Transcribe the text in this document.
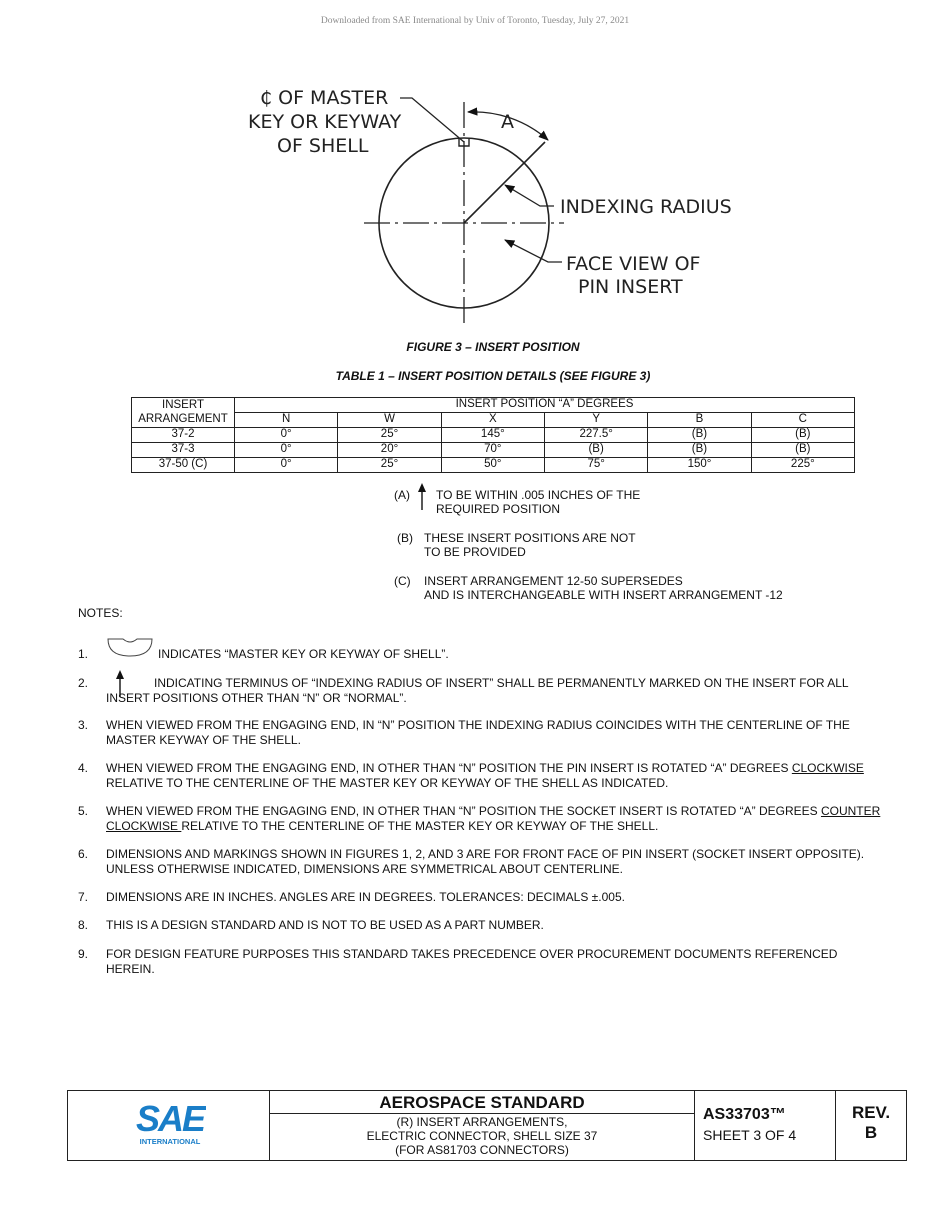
Downloaded from SAE International by Univ of Toronto, Tuesday, July 27, 2021
₵ OF MASTER
KEY OR KEYWAY
OF SHELL
A
INDEXING RADIUS
FACE VIEW OF
PIN INSERT
FIGURE 3 – INSERT POSITION
TABLE 1 – INSERT POSITION DETAILS (SEE FIGURE 3)
INSERT	INSERT POSITION “A” DEGREES					
ARRANGEMENT	N	W	X	Y	B	C
37-2	0°	25°	145°	227.5°	(B)	(B)
37-3	0°	20°	70°	(B)	(B)	(B)
37-50 (C)	0°	25°	50°	75°	150°	225°
(A) TO BE WITHIN .005 INCHES OF THE
REQUIRED POSITION
(B) THESE INSERT POSITIONS ARE NOT
TO BE PROVIDED
(C) INSERT ARRANGEMENT 12-50 SUPERSEDES
AND IS INTERCHANGEABLE WITH INSERT ARRANGEMENT -12
NOTES:
1.	INDICATES “MASTER KEY OR KEYWAY OF SHELL”.
2.	INDICATING TERMINUS OF “INDEXING RADIUS OF INSERT” SHALL BE PERMANENTLY MARKED ON THE INSERT FOR ALL INSERT POSITIONS OTHER THAN “N” OR “NORMAL”.
3. WHEN VIEWED FROM THE ENGAGING END, IN “N” POSITION THE INDEXING RADIUS COINCIDES WITH THE CENTERLINE OF THE MASTER KEYWAY OF THE SHELL.
4. WHEN VIEWED FROM THE ENGAGING END, IN OTHER THAN “N” POSITION THE PIN INSERT IS ROTATED “A” DEGREES CLOCKWISE RELATIVE TO THE CENTERLINE OF THE MASTER KEY OR KEYWAY OF THE SHELL AS INDICATED.
5. WHEN VIEWED FROM THE ENGAGING END, IN OTHER THAN “N” POSITION THE SOCKET INSERT IS ROTATED “A” DEGREES COUNTER CLOCKWISE RELATIVE TO THE CENTERLINE OF THE MASTER KEY OR KEYWAY OF THE SHELL.
6. DIMENSIONS AND MARKINGS SHOWN IN FIGURES 1, 2, AND 3 ARE FOR FRONT FACE OF PIN INSERT (SOCKET INSERT OPPOSITE). UNLESS OTHERWISE INDICATED, DIMENSIONS ARE SYMMETRICAL ABOUT CENTERLINE.
7. DIMENSIONS ARE IN INCHES. ANGLES ARE IN DEGREES. TOLERANCES: DECIMALS ±.005.
8. THIS IS A DESIGN STANDARD AND IS NOT TO BE USED AS A PART NUMBER.
9. FOR DESIGN FEATURE PURPOSES THIS STANDARD TAKES PRECEDENCE OVER PROCUREMENT DOCUMENTS REFERENCED HEREIN.
SAE
INTERNATIONAL
AEROSPACE STANDARD
(R) INSERT ARRANGEMENTS,
ELECTRIC CONNECTOR, SHELL SIZE 37
(FOR AS81703 CONNECTORS)
AS33703™
SHEET 3 OF 4
REV.
B
